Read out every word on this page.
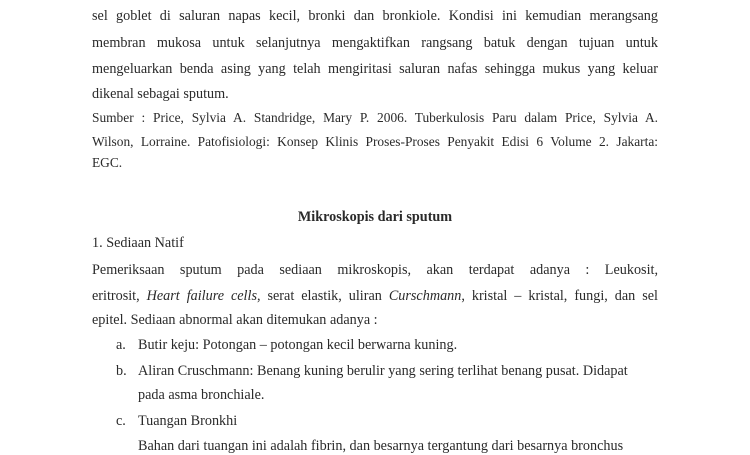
sel goblet di saluran napas kecil, bronki dan bronkiole. Kondisi ini kemudian merangsang
membran mukosa untuk selanjutnya mengaktifkan rangsang batuk dengan tujuan untuk
mengeluarkan benda asing yang telah mengiritasi saluran nafas sehingga mukus yang keluar
dikenal sebagai sputum.
Sumber : Price, Sylvia A. Standridge, Mary P. 2006. Tuberkulosis Paru dalam Price, Sylvia A.
Wilson, Lorraine. Patofisiologi: Konsep Klinis Proses-Proses Penyakit Edisi 6 Volume 2. Jakarta:
EGC.
Mikroskopis dari sputum
1. Sediaan Natif
Pemeriksaan sputum pada sediaan mikroskopis, akan terdapat adanya : Leukosit,
eritrosit, Heart failure cells, serat elastik, uliran Curschmann, kristal – kristal, fungi, dan sel
epitel. Sediaan abnormal akan ditemukan adanya :
a. Butir keju: Potongan – potongan kecil berwarna kuning.
b. Aliran Cruschmann: Benang kuning berulir yang sering terlihat benang pusat. Didapat
pada asma bronchiale.
c. Tuangan Bronkhi
Bahan dari tuangan ini adalah fibrin, dan besarnya tergantung dari besarnya bronchus
